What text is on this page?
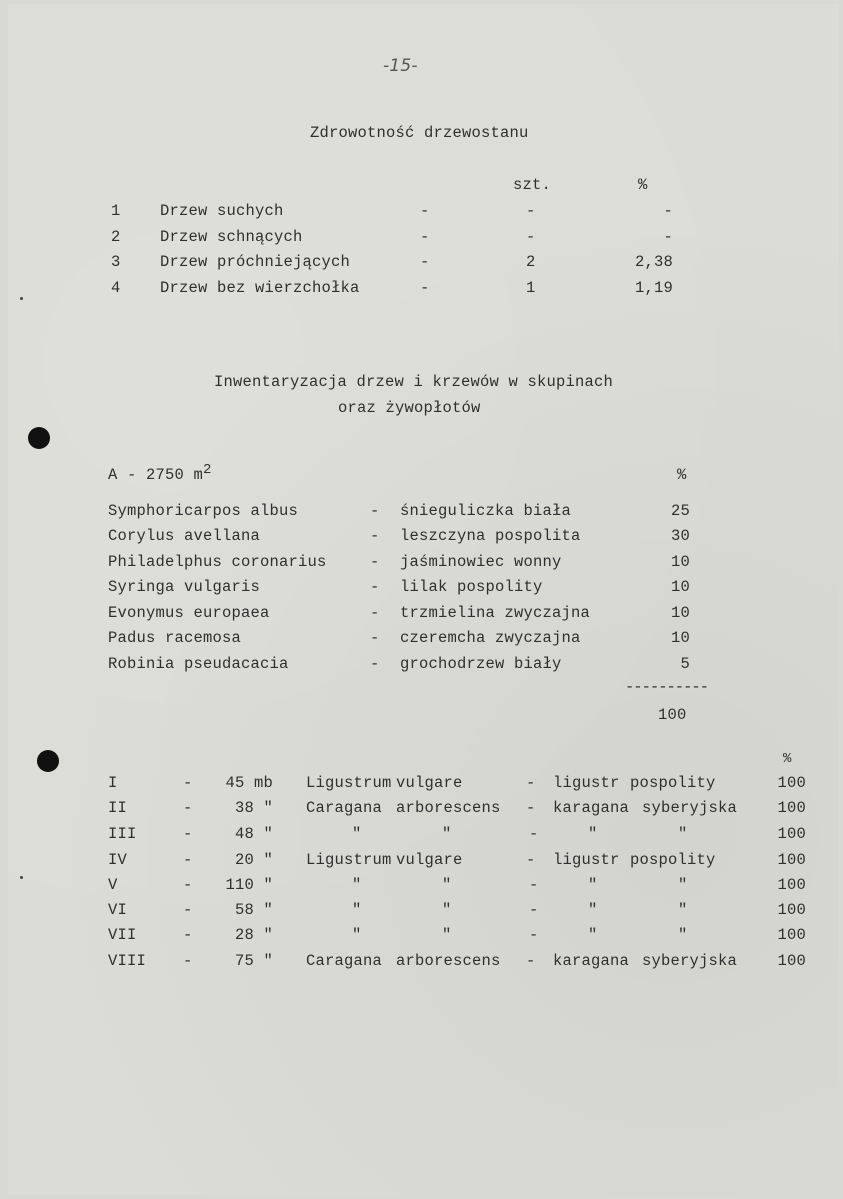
-15-
Zdrowotność drzewostanu
szt.	%
1	Drzew suchych	-	-	-
2	Drzew schnących	-	-	-
3	Drzew próchniejących	-	2	2,38
4	Drzew bez wierzchołka	-	1	1,19
Inwentaryzacja drzew i krzewów w skupinach
oraz żywopłotów
A - 2750 $m^2$	%
Symphoricarpos albus	- śnieguliczka biała	25
Corylus avellana	- leszczyna pospolita	30
Philadelphus coronarius	- jaśminowiec wonny	10
Syringa vulgaris	- lilak pospolity	10
Evonymus europaea	- trzmielina zwyczajna	10
Padus racemosa	- czeremcha zwyczajna	10
Robinia pseudacacia	- grochodrzew biały	5
----------
100
%
I	-	45 mb Ligustrum vulgare	- ligustr pospolity	100
II	-	38 " Caragana arborescens - karagana syberyjska	100
III	-	48 "	"	"	-	"	"	100
IV	-	20 " Ligustrum vulgare	- ligustr pospolity	100
V	-	110 "	"	"	-	"	"	100
VI	-	58 "	"	"	-	"	"	100
VII	-	28 "	"	"	-	"	"	100
VIII -	75 " Caragana arborescens - karagana syberyjska	100
